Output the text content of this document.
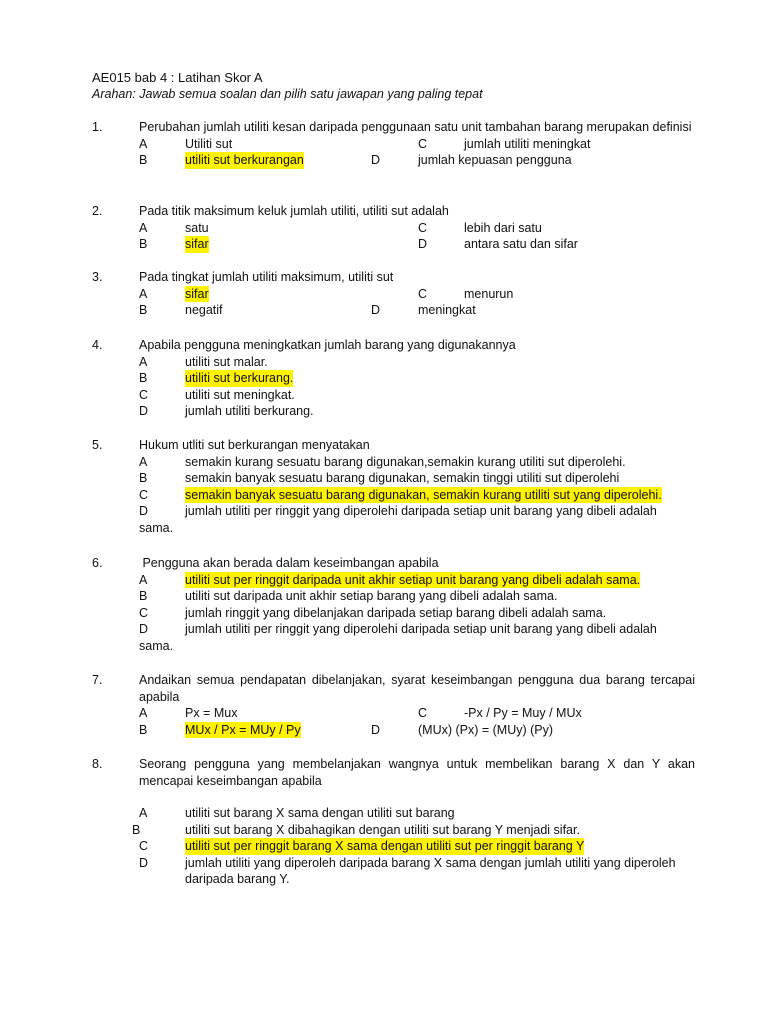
AE015 bab 4 : Latihan Skor A
Arahan: Jawab semua soalan dan pilih satu jawapan yang paling tepat
1.	Perubahan jumlah utiliti kesan daripada penggunaan satu unit tambahan barang merupakan definisi
A	Utiliti sut	C	jumlah utiliti meningkat
B	utiliti sut berkurangan	D	jumlah kepuasan pengguna
2.	Pada titik maksimum keluk jumlah utiliti, utiliti sut adalah
A	satu	C	lebih dari satu
B	sifar	D	antara satu dan sifar
3.	Pada tingkat jumlah utiliti maksimum, utiliti sut
A	sifar	C	menurun
B	negatif	D	meningkat
4.	Apabila pengguna meningkatkan jumlah barang yang digunakannya
A	utiliti sut malar.
B	utiliti sut berkurang.
C	utiliti sut meningkat.
D	jumlah utiliti berkurang.
5.	Hukum utliti sut berkurangan menyatakan
A	semakin kurang sesuatu barang digunakan,semakin kurang utiliti sut diperolehi.
B	semakin banyak sesuatu barang digunakan, semakin tinggi utiliti sut diperolehi
C	semakin banyak sesuatu barang digunakan, semakin kurang utiliti sut yang diperolehi.
D	jumlah utiliti per ringgit yang diperolehi daripada setiap unit barang yang dibeli adalah
sama.
6.	Pengguna akan berada dalam keseimbangan apabila
A	utiliti sut per ringgit daripada unit akhir setiap unit barang yang dibeli adalah sama.
B	utiliti sut daripada unit akhir setiap barang yang dibeli adalah sama.
C	jumlah ringgit yang dibelanjakan daripada setiap barang dibeli adalah sama.
D	jumlah utiliti per ringgit yang diperolehi daripada setiap unit barang yang dibeli adalah
sama.
7.	Andaikan semua pendapatan dibelanjakan, syarat keseimbangan pengguna dua barang tercapai apabila
A	Px = Mux	C	-Px / Py = Muy / MUx
B	MUx / Px = MUy / Py	D	(MUx) (Px) = (MUy) (Py)
8.	Seorang pengguna yang membelanjakan wangnya untuk membelikan barang X dan Y akan mencapai keseimbangan apabila
A	utiliti sut barang X sama dengan utiliti sut barang
B	utiliti sut barang X dibahagikan dengan utiliti sut barang Y menjadi sifar.
C	utiliti sut per ringgit barang X sama dengan utiliti sut per ringgit barang Y
D	jumlah utiliti yang diperoleh daripada barang X sama dengan jumlah utiliti yang diperoleh
daripada barang Y.
